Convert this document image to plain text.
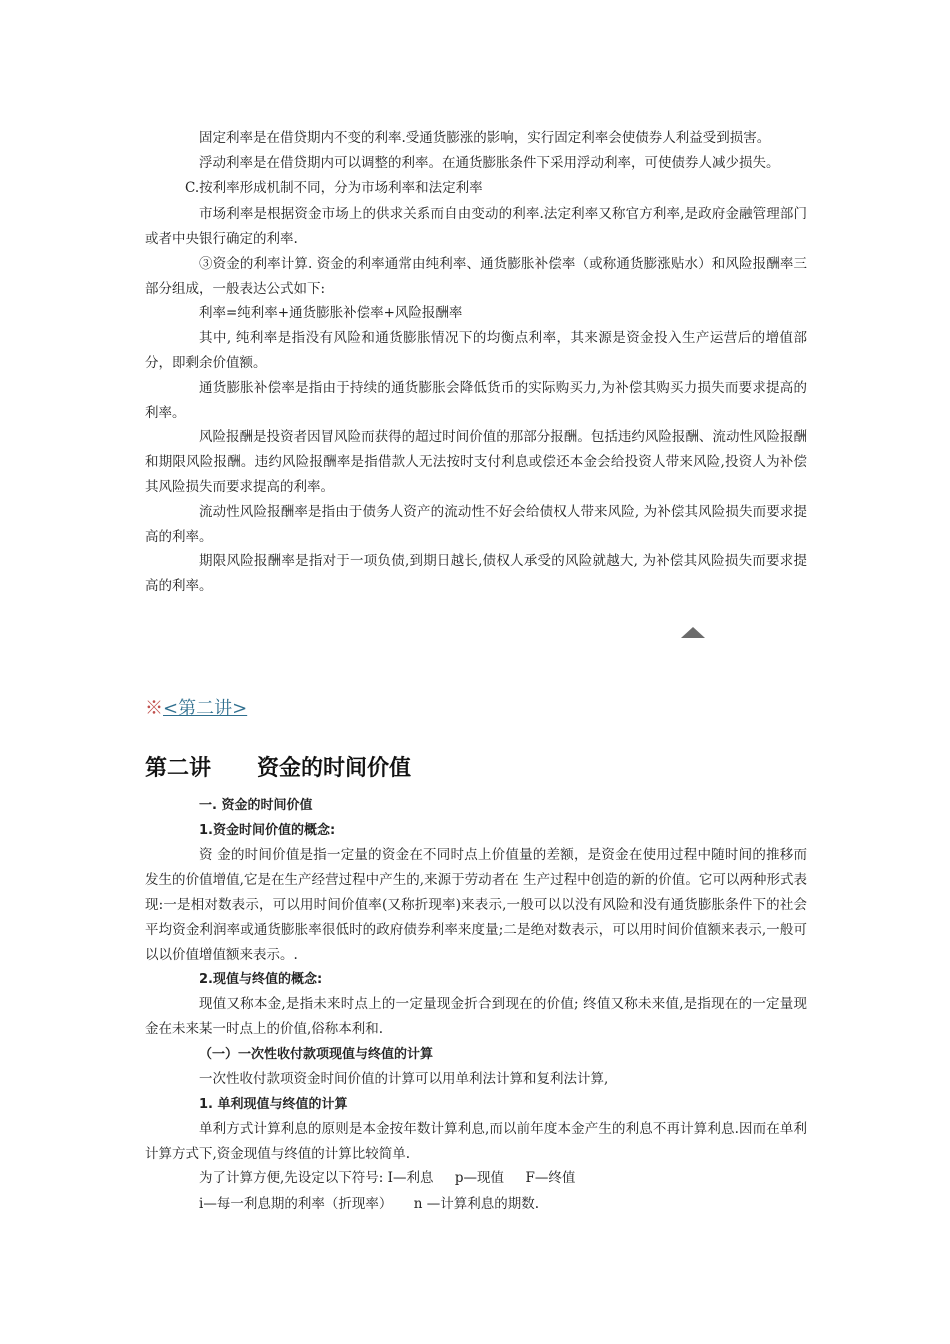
固定利率是在借贷期内不变的利率.受通货膨涨的影响，实行固定利率会使债券人利益受到损害。

浮动利率是在借贷期内可以调整的利率。在通货膨胀条件下采用浮动利率，可使债券人减少损失。

C.按利率形成机制不同，分为市场利率和法定利率

市场利率是根据资金市场上的供求关系而自由变动的利率.法定利率又称官方利率,是政府金融管理部门或者中央银行确定的利率.

③资金的利率计算. 资金的利率通常由纯利率、通货膨胀补偿率（或称通货膨涨贴水）和风险报酬率三部分组成，一般表达公式如下:

利率=纯利率+通货膨胀补偿率+风险报酬率

其中, 纯利率是指没有风险和通货膨胀情况下的均衡点利率，其来源是资金投入生产运营后的增值部分，即剩余价值额。

通货膨胀补偿率是指由于持续的通货膨胀会降低货币的实际购买力,为补偿其购买力损失而要求提高的利率。

风险报酬是投资者因冒风险而获得的超过时间价值的那部分报酬。包括违约风险报酬、流动性风险报酬和期限风险报酬。违约风险报酬率是指借款人无法按时支付利息或偿还本金会给投资人带来风险,投资人为补偿其风险损失而要求提高的利率。

流动性风险报酬率是指由于债务人资产的流动性不好会给债权人带来风险, 为补偿其风险损失而要求提高的利率。

期限风险报酬率是指对于一项负债,到期日越长,债权人承受的风险就越大, 为补偿其风险损失而要求提高的利率。

※<第二讲>
第二讲      资金的时间价值

一. 资金的时间价值

1.资金时间价值的概念:

资 金的时间价值是指一定量的资金在不同时点上价值量的差额，是资金在使用过程中随时间的推移而发生的价值增值,它是在生产经营过程中产生的,来源于劳动者在 生产过程中创造的新的价值。它可以两种形式表现:一是相对数表示，可以用时间价值率(又称折现率)来表示,一般可以以没有风险和没有通货膨胀条件下的社会 平均资金利润率或通货膨胀率很低时的政府债券利率来度量;二是绝对数表示，可以用时间价值额来表示,一般可以以价值增值额来表示。.

2.现值与终值的概念:

现值又称本金,是指未来时点上的一定量现金折合到现在的价值; 终值又称未来值,是指现在的一定量现金在未来某一时点上的价值,俗称本利和.

（一）一次性收付款项现值与终值的计算

一次性收付款项资金时间价值的计算可以用单利法计算和复利法计算,

1. 单利现值与终值的计算

单利方式计算利息的原则是本金按年数计算利息,而以前年度本金产生的利息不再计算利息.因而在单利计算方式下,资金现值与终值的计算比较简单.

为了计算方便,先设定以下符号: I—利息     p—现值     F—终值

i—每一利息期的利率（折现率）     n —计算利息的期数.
